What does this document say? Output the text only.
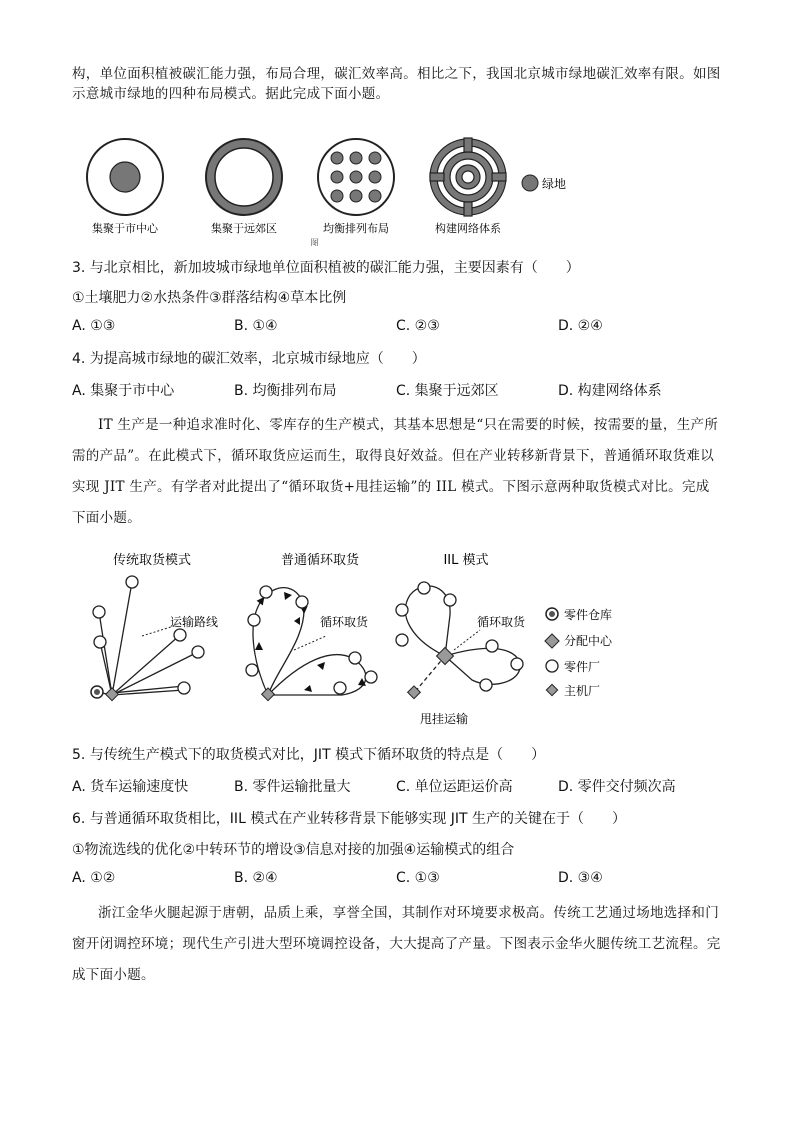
构，单位面积植被碳汇能力强，布局合理，碳汇效率高。相比之下，我国北京城市绿地碳汇效率有限。如图示意城市绿地的四种布局模式。据此完成下面小题。
绿地
集聚于市中心	集聚于远郊区	均衡排列布局	构建网络体系
图
3. 与北京相比，新加坡城市绿地单位面积植被的碳汇能力强，主要因素有（　　）
①土壤肥力②水热条件③群落结构④草本比例
A. ①③	B. ①④	C. ②③	D. ②④
4. 为提高城市绿地的碳汇效率，北京城市绿地应（　　）
A. 集聚于市中心	B. 均衡排列布局	C. 集聚于远郊区	D. 构建网络体系
IT 生产是一种追求准时化、零库存的生产模式，其基本思想是“只在需要的时候，按需要的量，生产所需的产品”。在此模式下，循环取货应运而生，取得良好效益。但在产业转移新背景下，普通循环取货难以实现 JIT 生产。有学者对此提出了“循环取货+甩挂运输”的 IIL 模式。下图示意两种取货模式对比。完成下面小题。
传统取货模式	普通循环取货	IIL 模式
运输路线	循环取货	循环取货
甩挂运输
零件仓库
分配中心
零件厂
主机厂
5. 与传统生产模式下的取货模式对比，JIT 模式下循环取货的特点是（　　）
A. 货车运输速度快	B. 零件运输批量大	C. 单位运距运价高	D. 零件交付频次高
6. 与普通循环取货相比，IIL 模式在产业转移背景下能够实现 JIT 生产的关键在于（　　）
①物流选线的优化②中转环节的增设③信息对接的加强④运输模式的组合
A. ①②	B. ②④	C. ①③	D. ③④
浙江金华火腿起源于唐朝，品质上乘，享誉全国，其制作对环境要求极高。传统工艺通过场地选择和门窗开闭调控环境；现代生产引进大型环境调控设备，大大提高了产量。下图表示金华火腿传统工艺流程。完成下面小题。
